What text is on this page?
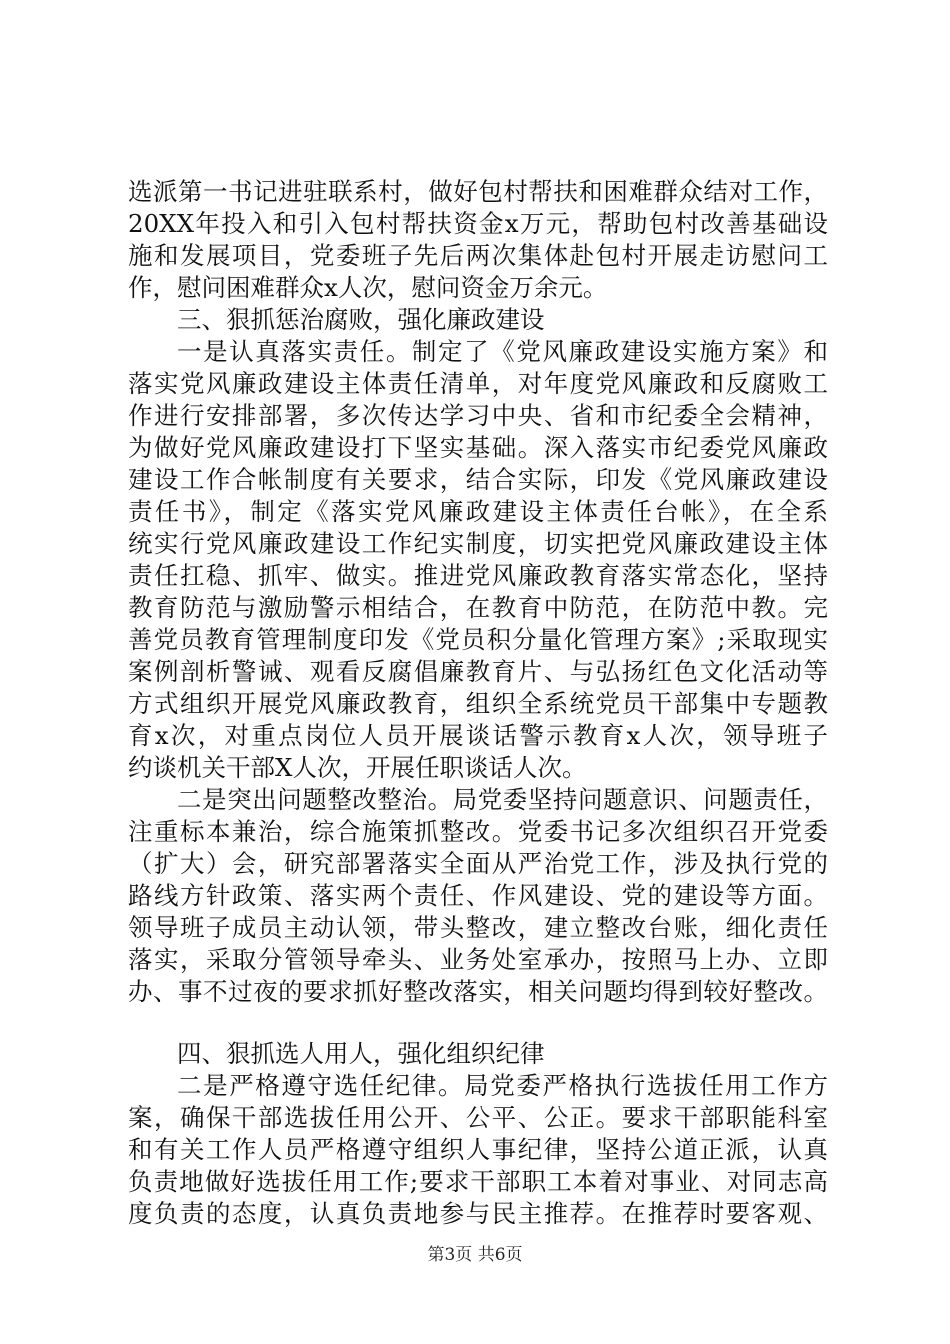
选派第一书记进驻联系村，做好包村帮扶和困难群众结对工作，
20XX年投入和引入包村帮扶资金x万元，帮助包村改善基础设
施和发展项目，党委班子先后两次集体赴包村开展走访慰问工
作，慰问困难群众x人次，慰问资金万余元。
三、狠抓惩治腐败，强化廉政建设
一是认真落实责任。制定了《党风廉政建设实施方案》和
落实党风廉政建设主体责任清单，对年度党风廉政和反腐败工
作进行安排部署，多次传达学习中央、省和市纪委全会精神，
为做好党风廉政建设打下坚实基础。深入落实市纪委党风廉政
建设工作合帐制度有关要求，结合实际，印发《党风廉政建设
责任书》，制定《落实党风廉政建设主体责任台帐》，在全系
统实行党风廉政建设工作纪实制度，切实把党风廉政建设主体
责任扛稳、抓牢、做实。推进党风廉政教育落实常态化，坚持
教育防范与激励警示相结合，在教育中防范，在防范中教。完
善党员教育管理制度印发《党员积分量化管理方案》;采取现实
案例剖析警诫、观看反腐倡廉教育片、与弘扬红色文化活动等
方式组织开展党风廉政教育，组织全系统党员干部集中专题教
育x次，对重点岗位人员开展谈话警示教育x人次，领导班子
约谈机关干部X人次，开展任职谈话人次。
二是突出问题整改整治。局党委坚持问题意识、问题责任，
注重标本兼治，综合施策抓整改。党委书记多次组织召开党委
（扩大）会，研究部署落实全面从严治党工作，涉及执行党的
路线方针政策、落实两个责任、作风建设、党的建设等方面。
领导班子成员主动认领，带头整改，建立整改台账，细化责任
落实，采取分管领导牵头、业务处室承办，按照马上办、立即
办、事不过夜的要求抓好整改落实，相关问题均得到较好整改。
四、狠抓选人用人，强化组织纪律
二是严格遵守选任纪律。局党委严格执行选拔任用工作方
案，确保干部选拔任用公开、公平、公正。要求干部职能科室
和有关工作人员严格遵守组织人事纪律，坚持公道正派，认真
负责地做好选拔任用工作;要求干部职工本着对事业、对同志高
度负责的态度，认真负责地参与民主推荐。在推荐时要客观、
第3页 共6页
